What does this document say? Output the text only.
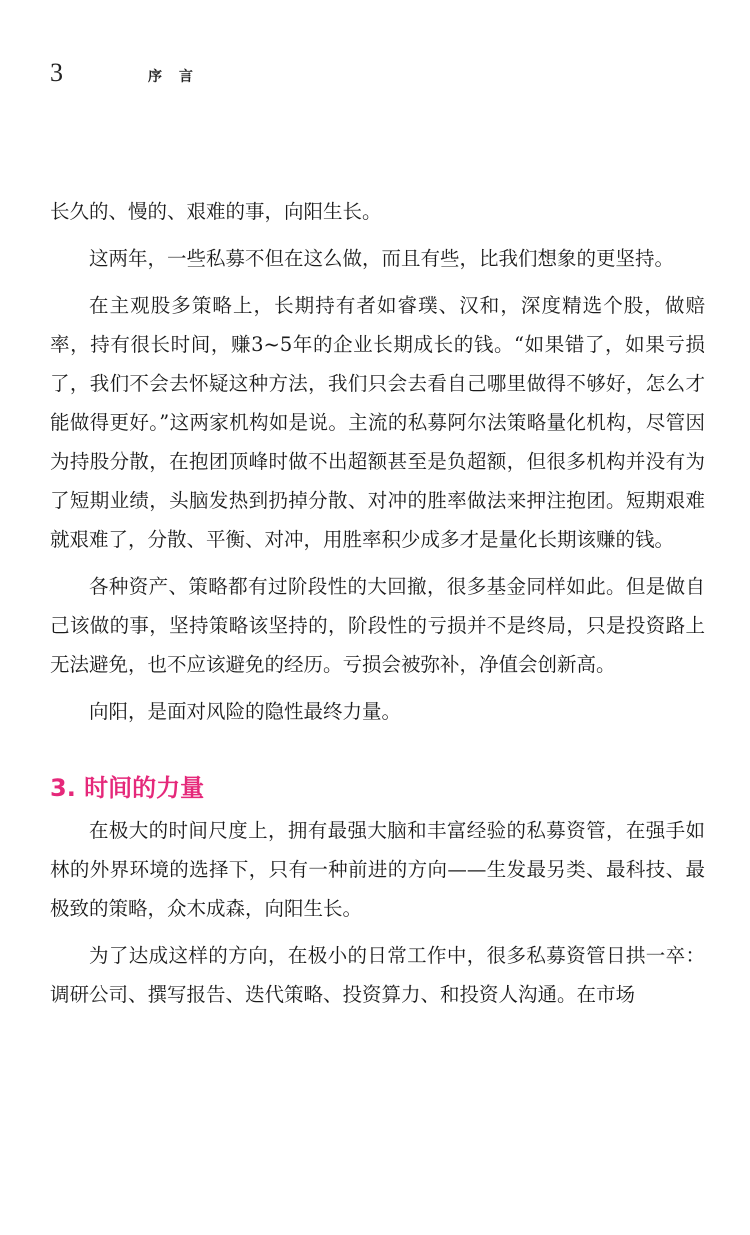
3	序 言

长久的、慢的、艰难的事，向阳生长。

这两年，一些私募不但在这么做，而且有些，比我们想象的更坚持。

在主观股多策略上，长期持有者如睿璞、汉和，深度精选个股，做赔率，持有很长时间，赚3~5年的企业长期成长的钱。“如果错了，如果亏损了，我们不会去怀疑这种方法，我们只会去看自己哪里做得不够好，怎么才能做得更好。”这两家机构如是说。主流的私募阿尔法策略量化机构，尽管因为持股分散，在抱团顶峰时做不出超额甚至是负超额，但很多机构并没有为了短期业绩，头脑发热到扔掉分散、对冲的胜率做法来押注抱团。短期艰难就艰难了，分散、平衡、对冲，用胜率积少成多才是量化长期该赚的钱。

各种资产、策略都有过阶段性的大回撤，很多基金同样如此。但是做自己该做的事，坚持策略该坚持的，阶段性的亏损并不是终局，只是投资路上无法避免，也不应该避免的经历。亏损会被弥补，净值会创新高。

向阳，是面对风险的隐性最终力量。

3. 时间的力量

在极大的时间尺度上，拥有最强大脑和丰富经验的私募资管，在强手如林的外界环境的选择下，只有一种前进的方向——生发最另类、最科技、最极致的策略，众木成森，向阳生长。

为了达成这样的方向，在极小的日常工作中，很多私募资管日拱一卒： 调研公司、撰写报告、迭代策略、投资算力、和投资人沟通。在市场
